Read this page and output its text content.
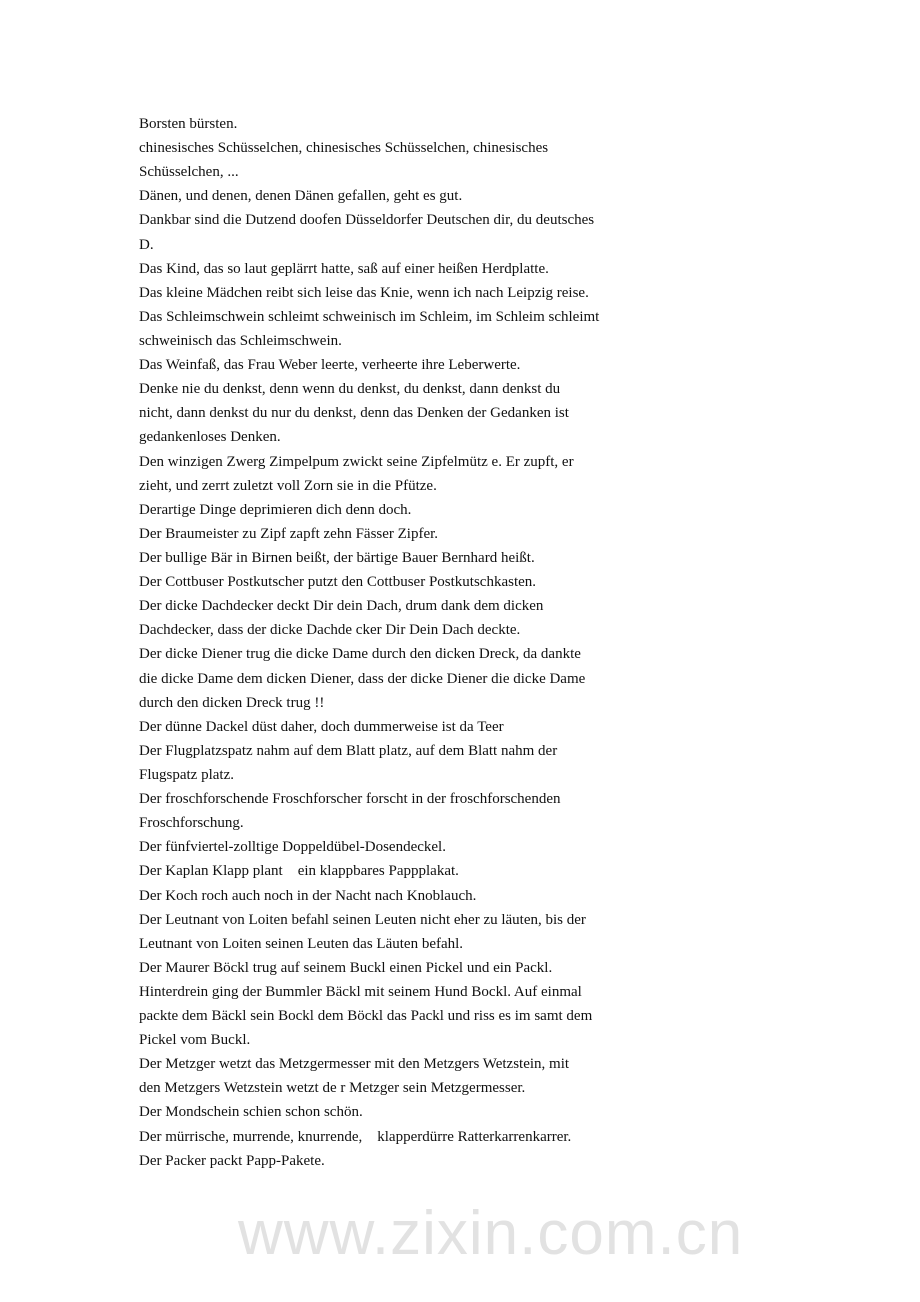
www.zixin.com.cn
Borsten bürsten.
chinesisches Schüsselchen, chinesisches Schüsselchen, chinesisches
Schüsselchen, ...
Dänen, und denen, denen Dänen gefallen, geht es gut.
Dankbar sind die Dutzend doofen Düsseldorfer Deutschen dir, du deutsches
D.
Das Kind, das so laut geplärrt hatte, saß auf einer heißen Herdplatte.
Das kleine Mädchen reibt sich leise das Knie, wenn ich nach Leipzig reise.
Das Schleimschwein schleimt schweinisch im Schleim, im Schleim schleimt
schweinisch das Schleimschwein.
Das Weinfaß, das Frau Weber leerte, verheerte ihre Leberwerte.
Denke nie du denkst, denn wenn du denkst, du denkst, dann denkst du
nicht, dann denkst du nur du denkst, denn das Denken der Gedanken ist
gedankenloses Denken.
Den winzigen Zwerg Zimpelpum zwickt seine Zipfelmütz e. Er zupft, er
zieht, und zerrt zuletzt voll Zorn sie in die Pfütze.
Derartige Dinge deprimieren dich denn doch.
Der Braumeister zu Zipf zapft zehn Fässer Zipfer.
Der bullige Bär in Birnen beißt, der bärtige Bauer Bernhard heißt.
Der Cottbuser Postkutscher putzt den Cottbuser Postkutschkasten.
Der dicke Dachdecker deckt Dir dein Dach, drum dank dem dicken
Dachdecker, dass der dicke Dachde cker Dir Dein Dach deckte.
Der dicke Diener trug die dicke Dame durch den dicken Dreck, da dankte
die dicke Dame dem dicken Diener, dass der dicke Diener die dicke Dame
durch den dicken Dreck trug !!
Der dünne Dackel düst daher, doch dummerweise ist da Teer
Der Flugplatzspatz nahm auf dem Blatt platz, auf dem Blatt nahm der
Flugspatz platz.
Der froschforschende Froschforscher forscht in der froschforschenden
Froschforschung.
Der fünfviertel-zolltige Doppeldübel-Dosendeckel.
Der Kaplan Klapp plant    ein klappbares Pappplakat.
Der Koch roch auch noch in der Nacht nach Knoblauch.
Der Leutnant von Loiten befahl seinen Leuten nicht eher zu läuten, bis der
Leutnant von Loiten seinen Leuten das Läuten befahl.
Der Maurer Böckl trug auf seinem Buckl einen Pickel und ein Packl.
Hinterdrein ging der Bummler Bäckl mit seinem Hund Bockl. Auf einmal
packte dem Bäckl sein Bockl dem Böckl das Packl und riss es im samt dem
Pickel vom Buckl.
Der Metzger wetzt das Metzgermesser mit den Metzgers Wetzstein, mit
den Metzgers Wetzstein wetzt de r Metzger sein Metzgermesser.
Der Mondschein schien schon schön.
Der mürrische, murrende, knurrende,    klapperdürre Ratterkarrenkarrer.
Der Packer packt Papp-Pakete.
